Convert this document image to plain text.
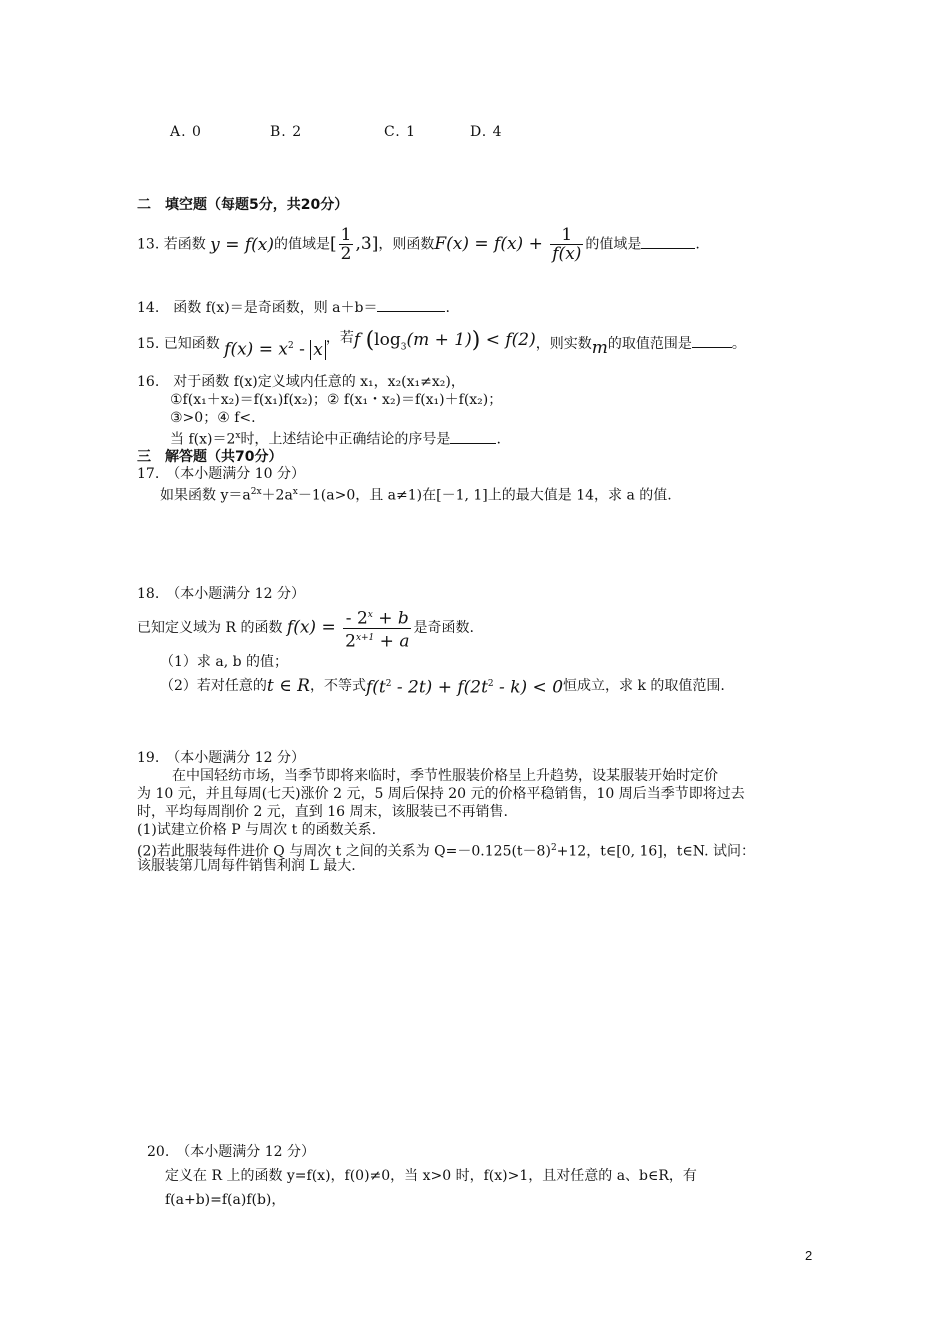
A. 0	B. 2	C. 1	D. 4
二　填空题（每题5分，共20分）
13. 若函数 y = f(x)的值域是[ $\frac{1}{2} ,3$]，则函数$F(x) = f(x) + \frac{1}{f(x)}$ 的值域是	.
14.　函数 f(x)＝是奇函数，则 a＋b＝	.
15. 已知函数 $f(x) = x^2 - x$，若f $(\log_3(m + 1)) < f(2)$，则实数m的取值范围是	。
16.　对于函数 f(x)定义域内任意的 x₁，x₂(x₁≠x₂)，
①f(x₁＋x₂)＝f(x₁)f(x₂)；② f(x₁・x₂)＝f(x₁)＋f(x₂)；
③>0；④ f<.
当 $f(x)=2^x$时，上述结论中正确结论的序号是	.
三　解答题（共70分）
17.　（本小题满分 10 分）
如果函数 $y=a^{2x}+2a^x-1(a>0$，且 a≠1)在[－1, 1]上的最大值是 14，求 a 的值.
18.　（本小题满分 12 分）
已知定义域为 R 的函数 $f(x) = \frac{- 2^x + b}{2^{x+1} + a}$ 是奇函数.
（1）求 a, b 的值；
（2）若对任意的t ∈ R，不等式$f(t^2 - 2t) + f(2t^2 - k) < 0$恒成立，求 k 的取值范围.
19.　（本小题满分 12 分）
在中国轻纺市场，当季节即将来临时，季节性服装价格呈上升趋势，设某服装开始时定价
为 10 元，并且每周(七天)涨价 2 元，5 周后保持 20 元的价格平稳销售，10 周后当季节即将过去
时，平均每周削价 2 元，直到 16 周末，该服装已不再销售.
(1)试建立价格 P 与周次 t 的函数关系.
(2)若此服装每件进价 Q 与周次 t 之间的关系为 $Q=-0.125(t-8)^2+12$，t∈[0, 16]，t∈N. 试问：
该服装第几周每件销售利润 L 最大.
20.　（本小题满分 12 分）
定义在 R 上的函数 y=f(x)，f(0)≠0，当 x>0 时，f(x)>1，且对任意的 a、b∈R，有
f(a+b)=f(a)f(b)，
2
